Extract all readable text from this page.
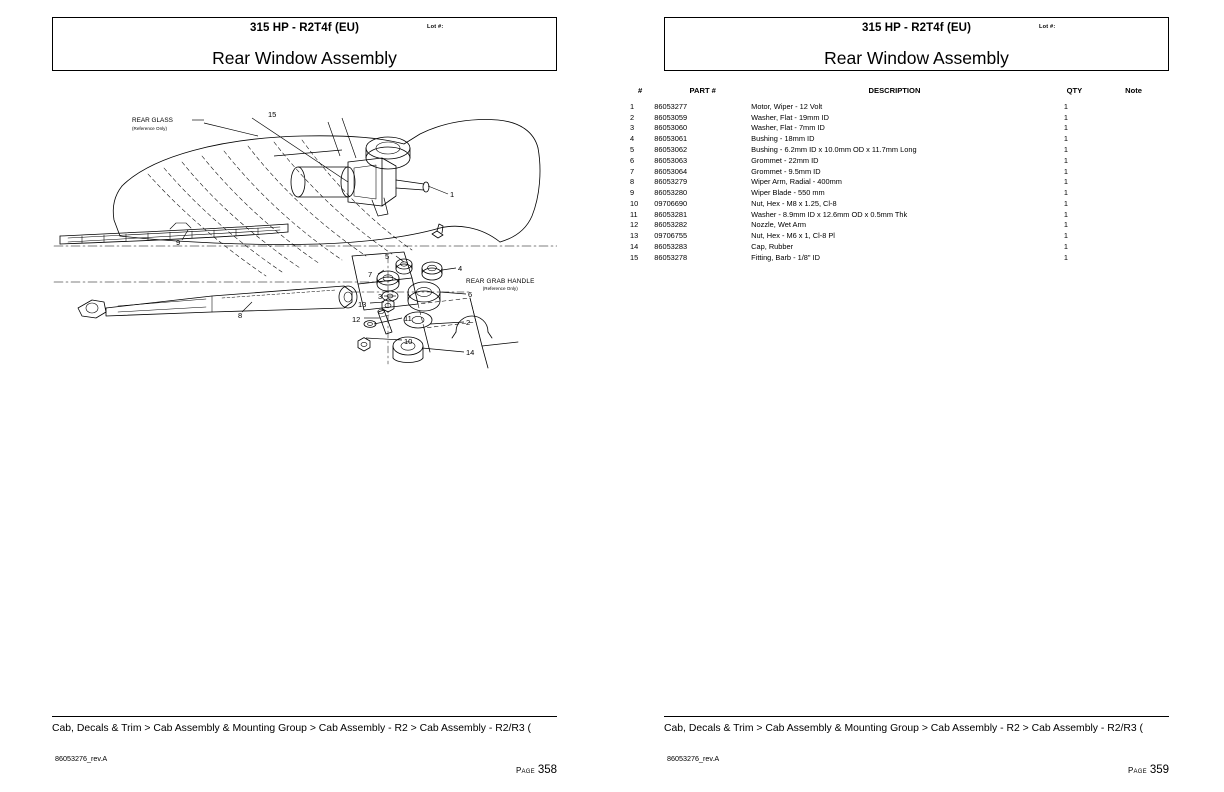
315 HP - R2T4f (EU)	Lot #:
Rear Window Assembly
1
2
3
4
5
6
7
8
9
10
11
12
13
14
15
REAR GLASS
(Reference Only)
REAR GRAB HANDLE
(Reference Only)
Cab, Decals & Trim > Cab Assembly & Mounting Group > Cab Assembly - R2 > Cab Assembly - R2/R3 (
86053276_rev.A
Page 358
315 HP - R2T4f (EU)	Lot #:
Rear Window Assembly
#	PART #	DESCRIPTION	QTY	Note
1	86053277	Motor, Wiper - 12 Volt	1	
2	86053059	Washer, Flat - 19mm ID	1	
3	86053060	Washer, Flat - 7mm ID	1	
4	86053061	Bushing - 18mm ID	1	
5	86053062	Bushing - 6.2mm ID x 10.0mm OD x 11.7mm Long	1	
6	86053063	Grommet - 22mm ID	1	
7	86053064	Grommet - 9.5mm ID	1	
8	86053279	Wiper Arm, Radial - 400mm	1	
9	86053280	Wiper Blade - 550 mm	1	
10	09706690	Nut, Hex - M8 x 1.25, Cl-8	1	
11	86053281	Washer - 8.9mm ID x 12.6mm OD x 0.5mm Thk	1	
12	86053282	Nozzle, Wet Arm	1	
13	09706755	Nut, Hex - M6 x 1, Cl-8 Pl	1	
14	86053283	Cap, Rubber	1	
15	86053278	Fitting, Barb - 1/8" ID	1	
Cab, Decals & Trim > Cab Assembly & Mounting Group > Cab Assembly - R2 > Cab Assembly - R2/R3 (
86053276_rev.A
Page 359
